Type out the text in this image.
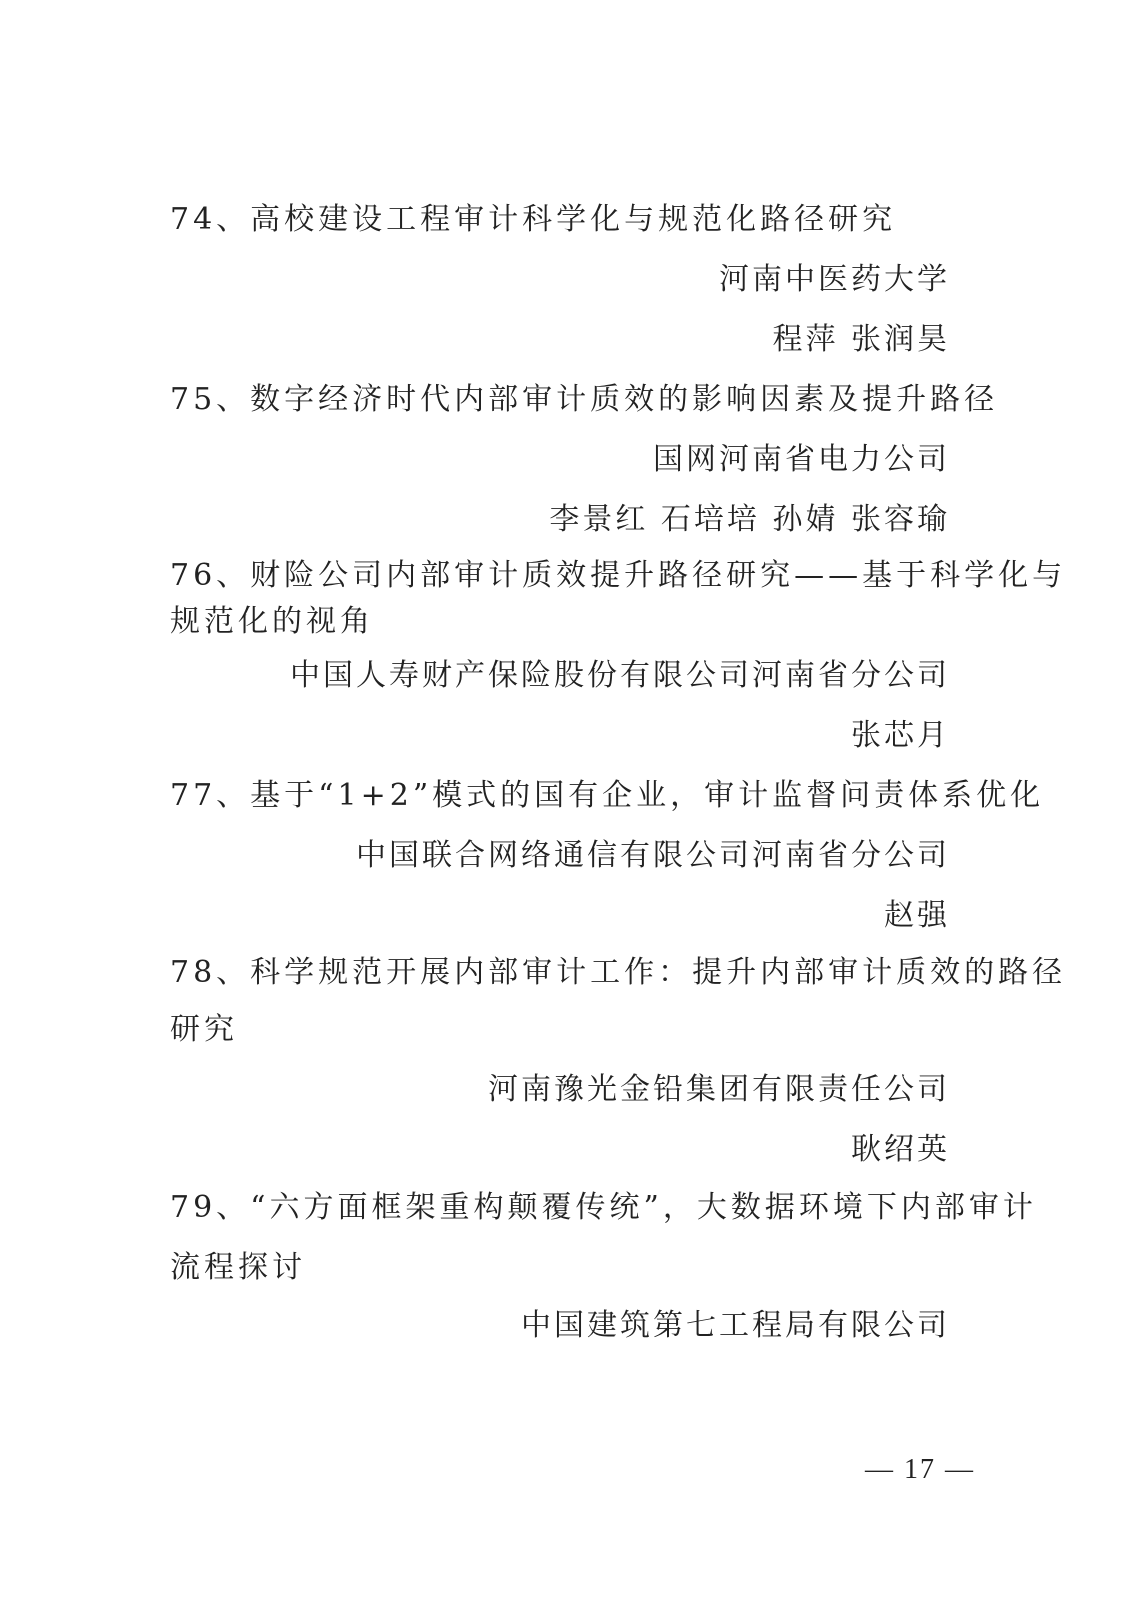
74、高校建设工程审计科学化与规范化路径研究
河南中医药大学
程萍 张润昊
75、数字经济时代内部审计质效的影响因素及提升路径
国网河南省电力公司
李景红 石培培 孙婧 张容瑜
76、财险公司内部审计质效提升路径研究——基于科学化与
规范化的视角
中国人寿财产保险股份有限公司河南省分公司
张芯月
77、基于“1+2”模式的国有企业，审计监督问责体系优化
中国联合网络通信有限公司河南省分公司
赵强
78、科学规范开展内部审计工作：提升内部审计质效的路径
研究
河南豫光金铅集团有限责任公司
耿绍英
79、“六方面框架重构颠覆传统”，大数据环境下内部审计
流程探讨
中国建筑第七工程局有限公司
— 17 —
